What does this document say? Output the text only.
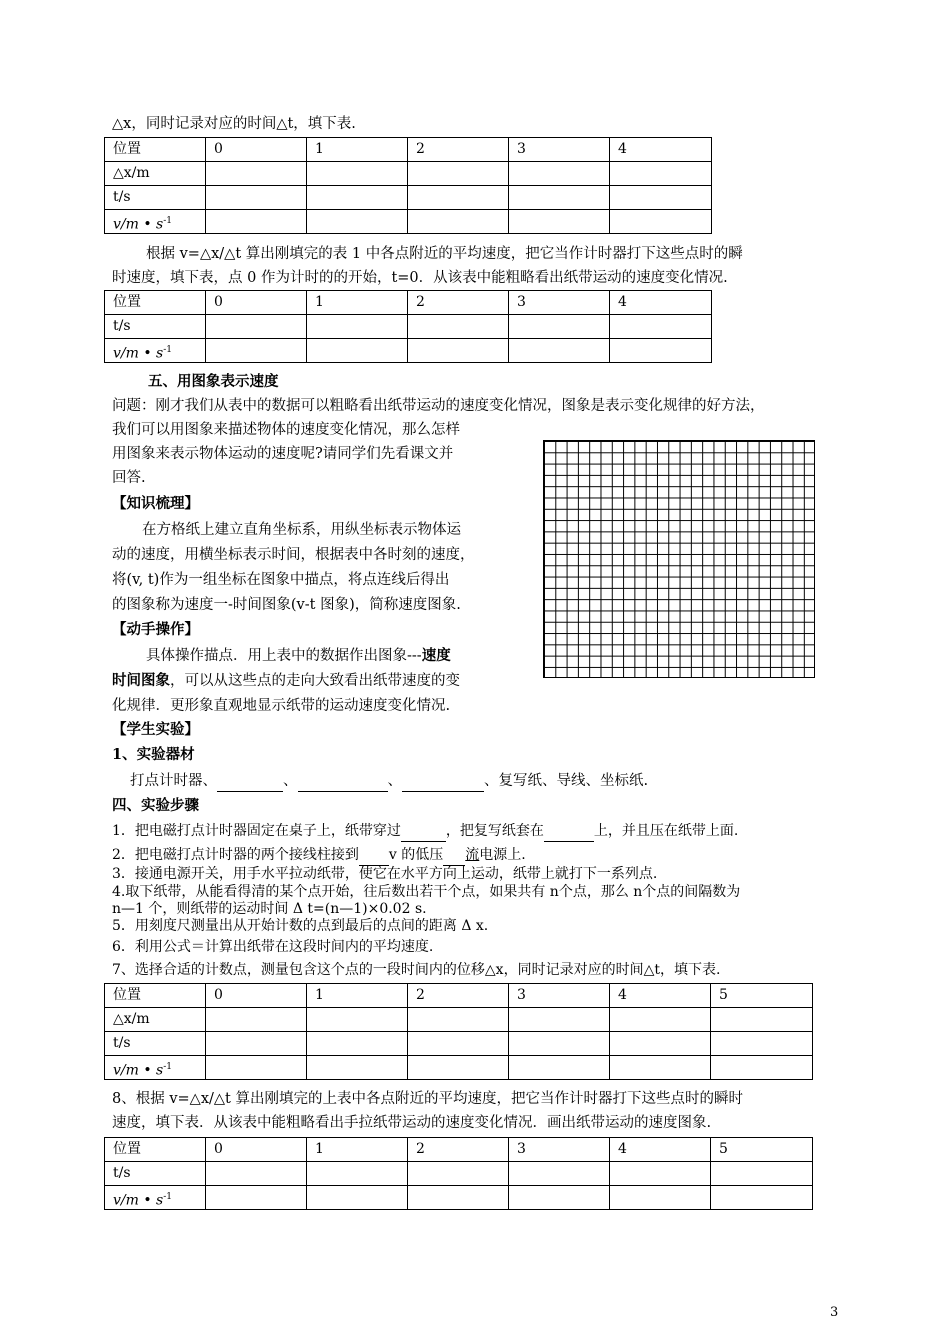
△x，同时记录对应的时间△t，填下表.
位置	0	1	2	3	4
△x/m					
t/s					
v/m • $s^{-1}$					
根据 v=△x/△t 算出刚填完的表 1 中各点附近的平均速度，把它当作计时器打下这些点时的瞬
时速度，填下表，点 0 作为计时的的开始，t=0．从该表中能粗略看出纸带运动的速度变化情况.
位置	0	1	2	3	4
t/s					
v/m • $s^{-1}$					
五、用图象表示速度
问题：刚才我们从表中的数据可以粗略看出纸带运动的速度变化情况，图象是表示变化规律的好方法，
我们可以用图象来描述物体的速度变化情况，那么怎样
用图象来表示物体运动的速度呢?请同学们先看课文并
回答.
【知识梳理】
在方格纸上建立直角坐标系，用纵坐标表示物体运
动的速度，用横坐标表示时间，根据表中各时刻的速度，
将(v, t)作为一组坐标在图象中描点，将点连线后得出
的图象称为速度一-时间图象(v-t 图象)，简称速度图象.
【动手操作】
具体操作描点．用上表中的数据作出图象---速度
时间图象，可以从这些点的走向大致看出纸带速度的变
化规律．更形象直观地显示纸带的运动速度变化情况.
【学生实验】
1、实验器材
打点计时器、	、	、	、复写纸、导线、坐标纸.
四、实验步骤
1．把电磁打点计时器固定在桌子上，纸带穿过	，把复写纸套在	上，并且压在纸带上面.
2．把电磁打点计时器的两个接线柱接到 v 的低压 流电源上.
3．接通电源开关，用手水平拉动纸带，使它在水平方向上运动，纸带上就打下一系列点.
4.取下纸带，从能看得清的某个点开始，往后数出若干个点，如果共有 n个点，那么 n个点的间隔数为
n—1 个，则纸带的运动时间 Δ t=(n—1)×0.02 s.
5．用刻度尺测量出从开始计数的点到最后的点间的距离 Δ x.
6．利用公式＝计算出纸带在这段时间内的平均速度.
7、选择合适的计数点，测量包含这个点的一段时间内的位移△x，同时记录对应的时间△t，填下表.
位置	0	1	2	3	4	5
△x/m						
t/s						
v/m • $s^{-1}$						
8、根据 v=△x/△t 算出刚填完的上表中各点附近的平均速度，把它当作计时器打下这些点时的瞬时
速度，填下表．从该表中能粗略看出手拉纸带运动的速度变化情况．画出纸带运动的速度图象.
位置	0	1	2	3	4	5
t/s						
v/m • $s^{-1}$						
3
